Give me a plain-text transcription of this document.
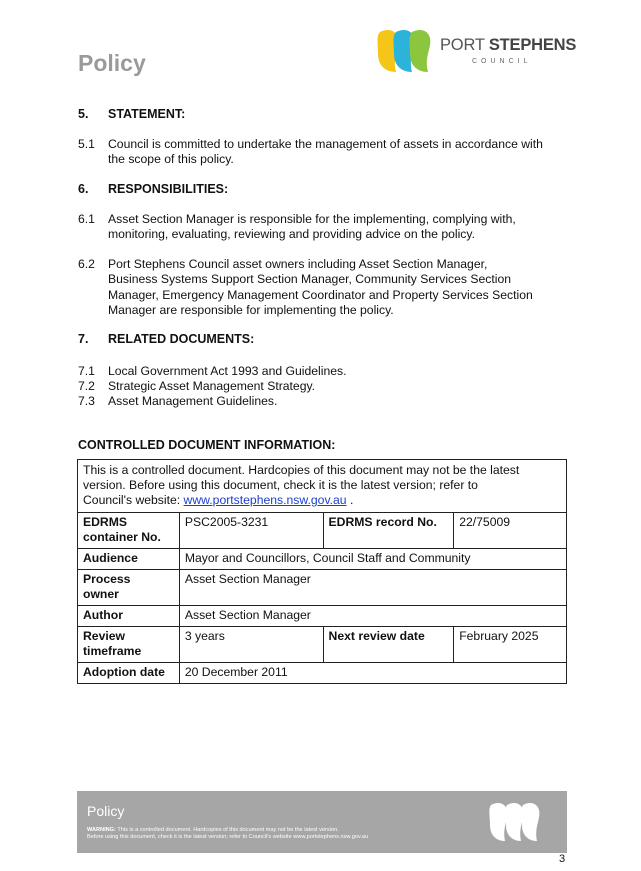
Policy
PORT STEPHENS
COUNCIL
5. STATEMENT:
5.1	Council is committed to undertake the management of assets in accordance with
the scope of this policy.
6. RESPONSIBILITIES:
6.1	Asset Section Manager is responsible for the implementing, complying with,
monitoring, evaluating, reviewing and providing advice on the policy.
6.2	Port Stephens Council asset owners including Asset Section Manager,
Business Systems Support Section Manager, Community Services Section
Manager, Emergency Management Coordinator and Property Services Section
Manager are responsible for implementing the policy.
7. RELATED DOCUMENTS:
7.1	Local Government Act 1993 and Guidelines.
7.2	Strategic Asset Management Strategy.
7.3	Asset Management Guidelines.
CONTROLLED DOCUMENT INFORMATION:
This is a controlled document. Hardcopies of this document may not be the latest
version. Before using this document, check it is the latest version; refer to
Council's website: www.portstephens.nsw.gov.au .			

EDRMS
container No.	PSC2005-3231	EDRMS record No.	22/75009
Audience	Mayor and Councillors, Council Staff and Community		

Process
owner	Asset Section Manager		
Author	Asset Section Manager		

Review
timeframe	3 years	Next review date	February 2025
Adoption date	20 December 2011		
Policy
WARNING: This is a controlled document. Hardcopies of this document may not be the latest version.
Before using this document, check it is the latest version; refer to Council's website www.portstephens.nsw.gov.au
3
